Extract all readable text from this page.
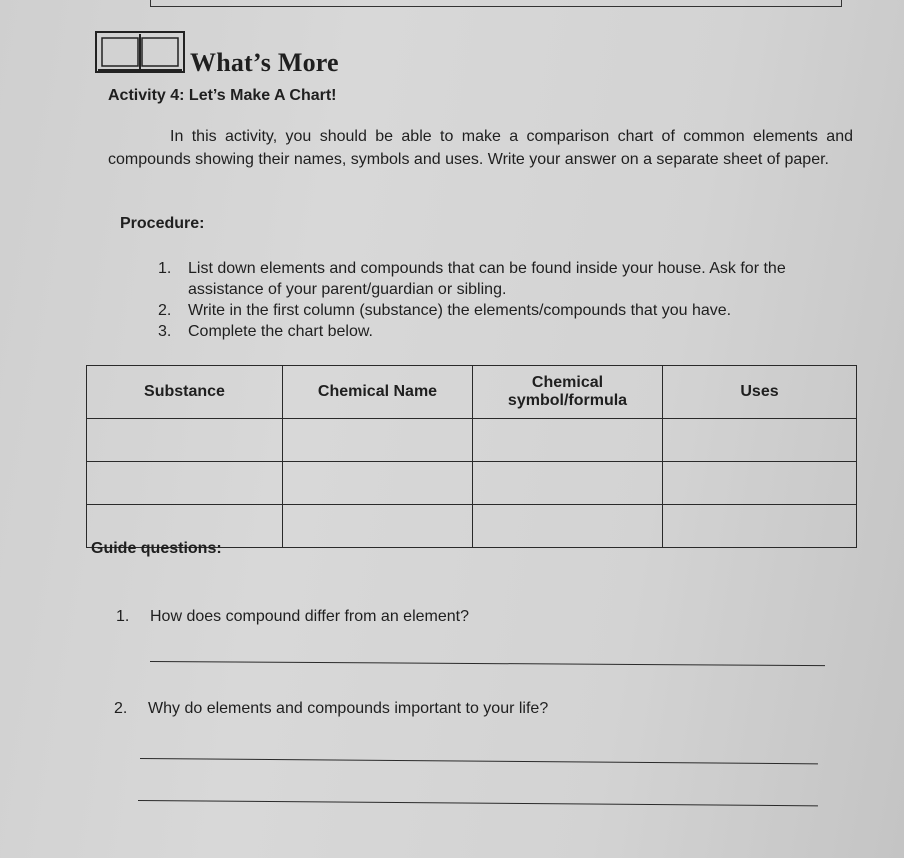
What’s More
Activity 4: Let’s Make A Chart!
In this activity, you should be able to make a comparison chart of common elements and compounds showing their names, symbols and uses. Write your answer on a separate sheet of paper.
Procedure:
1.	List down elements and compounds that can be found inside your house. Ask for the assistance of your parent/guardian or sibling.
2.	Write in the first column (substance) the elements/compounds that you have.
3.	Complete the chart below.
Substance	Chemical Name	Chemical symbol/formula	Uses

Guide questions:
1. How does compound differ from an element?
2. Why do elements and compounds important to your life?
